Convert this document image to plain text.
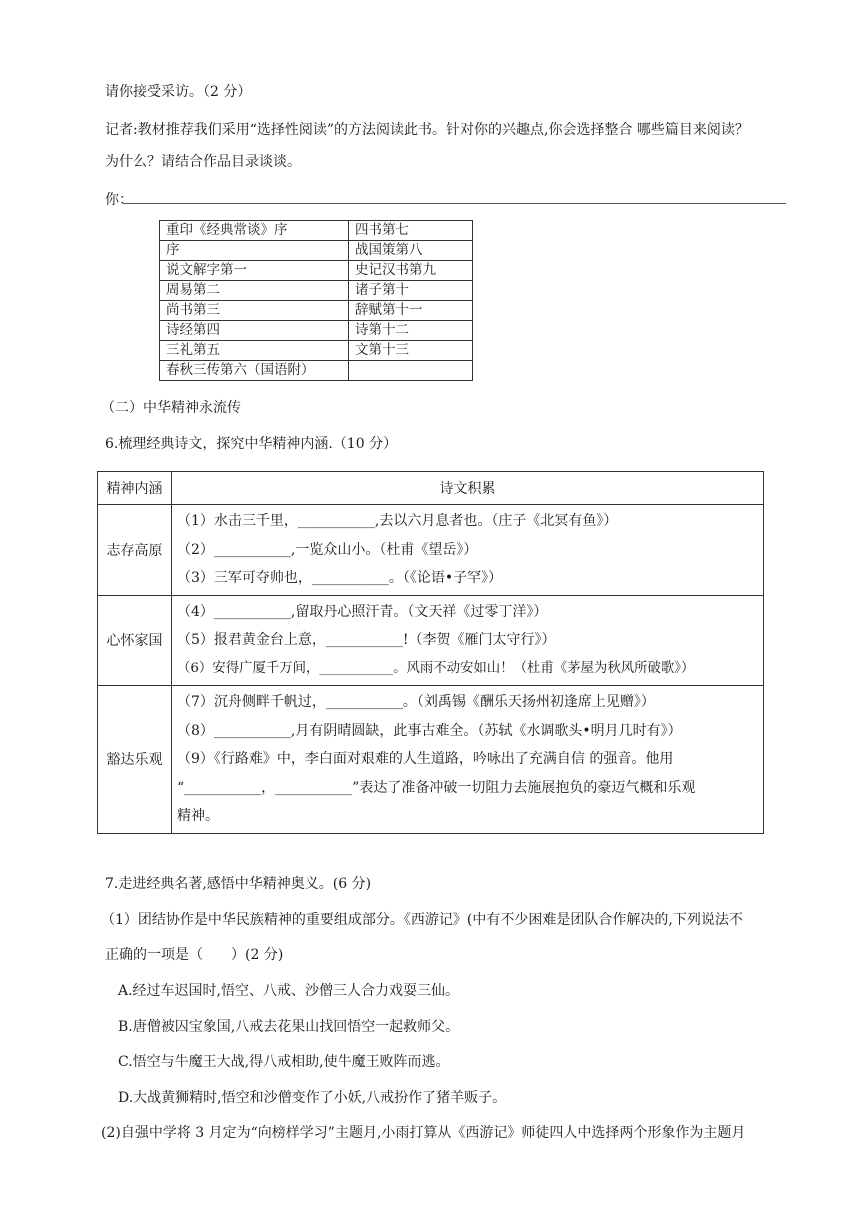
请你接受采访。（2 分）
记者:教材推荐我们采用“选择性阅读”的方法阅读此书。针对你的兴趣点,你会选择整合 哪些篇目来阅读？
为什么？请结合作品目录谈谈。
你：
重印《经典常谈》序	四书第七
序	战国策第八
说文解字第一	史记汉书第九
周易第二	诸子第十
尚书第三	辞赋第十一
诗经第四	诗第十二
三礼第五	文第十三
春秋三传第六（国语附）	
（二）中华精神永流传
6.梳理经典诗文，探究中华精神内涵.（10 分）
精神内涵	诗文积累
志存高原	（1）水击三千里，___________,去以六月息者也。（庄子《北冥有鱼》）
（2）___________,一览众山小。（杜甫《望岳》）
（3）三军可夺帅也，___________。（《论语•子罕》）

心怀家国	（4）___________,留取丹心照汗青。（文天祥《过零丁洋》）
（5）报君黄金台上意，___________!（李贺《雁门太守行》）
（6）安得广厦千万间，___________。风雨不动安如山！（杜甫《茅屋为秋风所破歌》）

豁达乐观	（7）沉舟侧畔千帆过，___________。（刘禹锡《酬乐天扬州初逢席上见赠》）
（8）___________,月有阴晴圆缺，此事古难全。（苏轼《水调歌头•明月几时有》）
（9）《行路难》中，李白面对艰难的人生道路，吟咏出了充满自信 的强音。他用
“___________，___________”表达了准备冲破一切阻力去施展抱负的豪迈气概和乐观
精神。
7.走进经典名著,感悟中华精神奥义。(6 分)
（1）团结协作是中华民族精神的重要组成部分。《西游记》(中有不少困难是团队合作解决的,下列说法不
正确的一项是（　　）(2 分)
A.经过车迟国时,悟空、八戒、沙僧三人合力戏耍三仙。
B.唐僧被囚宝象国,八戒去花果山找回悟空一起救师父。
C.悟空与牛魔王大战,得八戒相助,使牛魔王败阵而逃。
D.大战黄狮精时,悟空和沙僧变作了小妖,八戒扮作了猪羊贩子。
(2)自强中学将 3 月定为“向榜样学习”主题月,小雨打算从《西游记》师徒四人中选择两个形象作为主题月
